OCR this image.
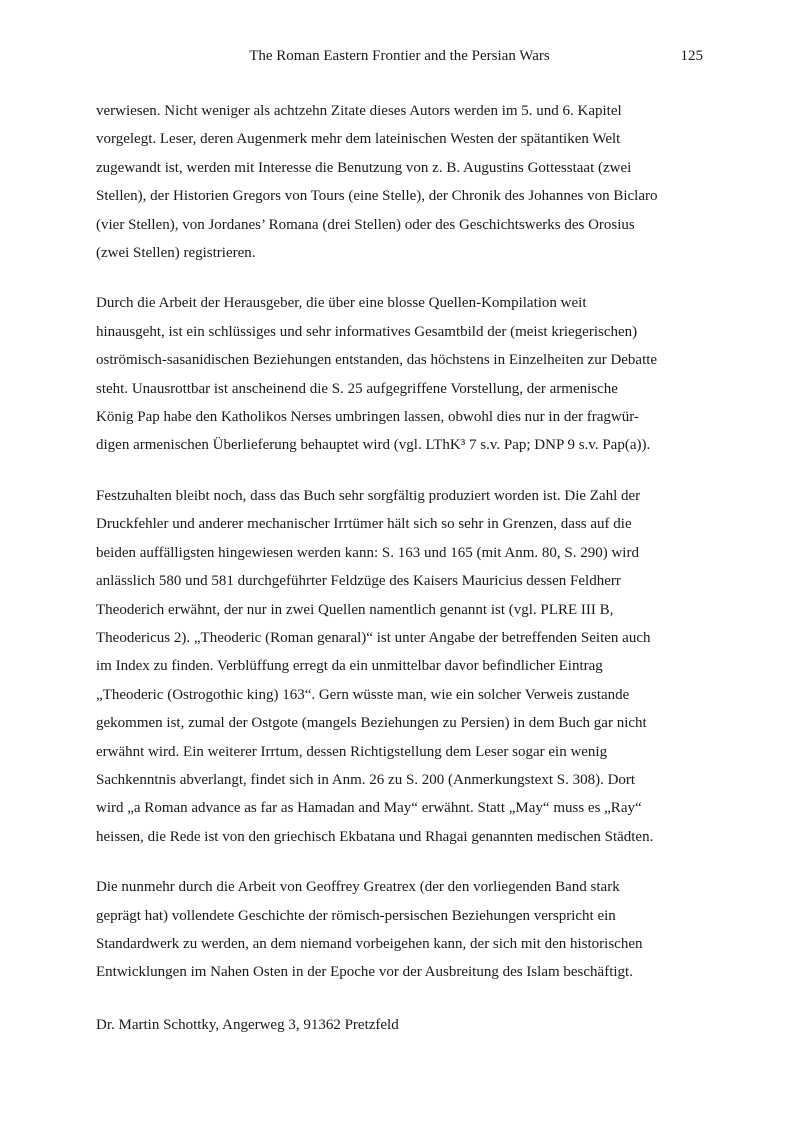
The Roman Eastern Frontier and the Persian Wars	125
verwiesen. Nicht weniger als achtzehn Zitate dieses Autors werden im 5. und 6. Kapitel
vorgelegt. Leser, deren Augenmerk mehr dem lateinischen Westen der spätantiken Welt
zugewandt ist, werden mit Interesse die Benutzung von z. B. Augustins Gottesstaat (zwei
Stellen), der Historien Gregors von Tours (eine Stelle), der Chronik des Johannes von Biclaro
(vier Stellen), von Jordanes’ Romana (drei Stellen) oder des Geschichtswerks des Orosius
(zwei Stellen) registrieren.
Durch die Arbeit der Herausgeber, die über eine blosse Quellen-Kompilation weit
hinausgeht, ist ein schlüssiges und sehr informatives Gesamtbild der (meist kriegerischen)
oströmisch-sasanidischen Beziehungen entstanden, das höchstens in Einzelheiten zur Debatte
steht. Unausrottbar ist anscheinend die S. 25 aufgegriffene Vorstellung, der armenische
König Pap habe den Katholikos Nerses umbringen lassen, obwohl dies nur in der fragwür-
digen armenischen Überlieferung behauptet wird (vgl. LThK³ 7 s.v. Pap; DNP 9 s.v. Pap(a)).
Festzuhalten bleibt noch, dass das Buch sehr sorgfältig produziert worden ist. Die Zahl der
Druckfehler und anderer mechanischer Irrtümer hält sich so sehr in Grenzen, dass auf die
beiden auffälligsten hingewiesen werden kann: S. 163 und 165 (mit Anm. 80, S. 290) wird
anlässlich 580 und 581 durchgeführter Feldzüge des Kaisers Mauricius dessen Feldherr
Theoderich erwähnt, der nur in zwei Quellen namentlich genannt ist (vgl. PLRE III B,
Theodericus 2). „Theoderic (Roman genaral)“ ist unter Angabe der betreffenden Seiten auch
im Index zu finden. Verblüffung erregt da ein unmittelbar davor befindlicher Eintrag
„Theoderic (Ostrogothic king) 163“. Gern wüsste man, wie ein solcher Verweis zustande
gekommen ist, zumal der Ostgote (mangels Beziehungen zu Persien) in dem Buch gar nicht
erwähnt wird. Ein weiterer Irrtum, dessen Richtigstellung dem Leser sogar ein wenig
Sachkenntnis abverlangt, findet sich in Anm. 26 zu S. 200 (Anmerkungstext S. 308). Dort
wird „a Roman advance as far as Hamadan and May“ erwähnt. Statt „May“ muss es „Ray“
heissen, die Rede ist von den griechisch Ekbatana und Rhagai genannten medischen Städten.
Die nunmehr durch die Arbeit von Geoffrey Greatrex (der den vorliegenden Band stark
geprägt hat) vollendete Geschichte der römisch-persischen Beziehungen verspricht ein
Standardwerk zu werden, an dem niemand vorbeigehen kann, der sich mit den historischen
Entwicklungen im Nahen Osten in der Epoche vor der Ausbreitung des Islam beschäftigt.
Dr. Martin Schottky, Angerweg 3, 91362 Pretzfeld
